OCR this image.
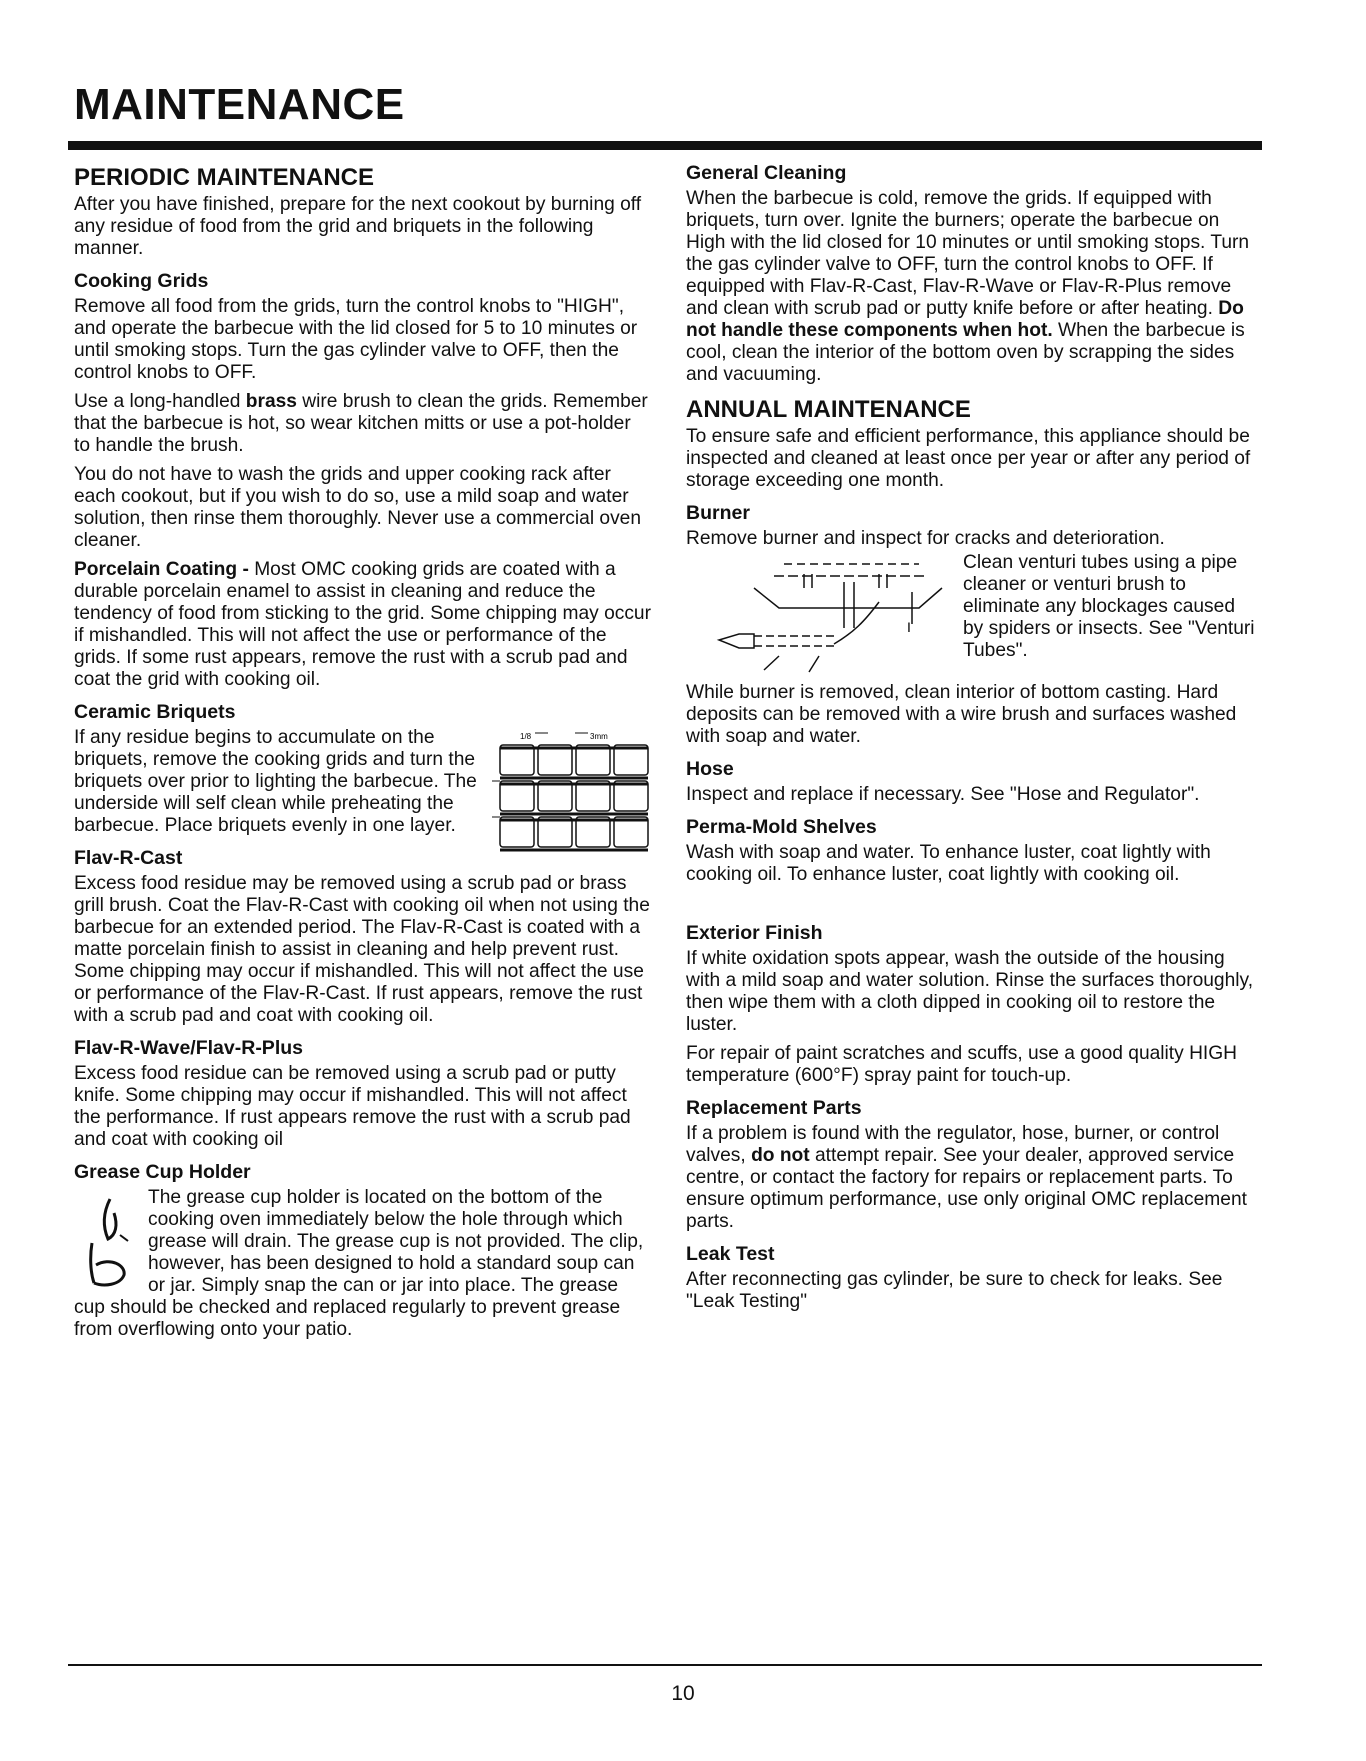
MAINTENANCE
PERIODIC MAINTENANCE

After you have finished, prepare for the next cookout by burning off any residue of food from the grid and briquets in the following manner.

Cooking Grids

Remove all food from the grids, turn the control knobs to "HIGH", and operate the barbecue with the lid closed for 5 to 10 minutes or until smoking stops. Turn the gas cylinder valve to OFF, then the control knobs to OFF.

Use a long-handled brass wire brush to clean the grids. Remember that the barbecue is hot, so wear kitchen mitts or use a pot-holder to handle the brush.

You do not have to wash the grids and upper cooking rack after each cookout, but if you wish to do so, use a mild soap and water solution, then rinse them thoroughly. Never use a commercial oven cleaner.

Porcelain Coating - Most OMC cooking grids are coated with a durable porcelain enamel to assist in cleaning and reduce the tendency of food from sticking to the grid. Some chipping may occur if mishandled. This will not affect the use or performance of the grids. If some rust appears, remove the rust with a scrub pad and coat the grid with cooking oil.

Ceramic Briquets
1/8	3mm

If any residue begins to accumulate on the briquets, remove the cooking grids and turn the briquets over prior to lighting the barbecue. The underside will self clean while preheating the barbecue. Place briquets evenly in one layer.

Flav-R-Cast

Excess food residue may be removed using a scrub pad or brass grill brush. Coat the Flav-R-Cast with cooking oil when not using the barbecue for an extended period. The Flav-R-Cast is coated with a matte porcelain finish to assist in cleaning and help prevent rust. Some chipping may occur if mishandled. This will not affect the use or performance of the Flav-R-Cast. If rust appears, remove the rust with a scrub pad and coat with cooking oil.

Flav-R-Wave/Flav-R-Plus

Excess food residue can be removed using a scrub pad or putty knife. Some chipping may occur if mishandled. This will not affect the performance. If rust appears remove the rust with a scrub pad and coat with cooking oil

Grease Cup Holder

The grease cup holder is located on the bottom of the cooking oven immediately below the hole through which grease will drain. The grease cup is not provided. The clip, however, has been designed to hold a standard soup can or jar. Simply snap the can or jar into place. The grease cup should be checked and replaced regularly to prevent grease from overflowing onto your patio.

General Cleaning

When the barbecue is cold, remove the grids. If equipped with briquets, turn over. Ignite the burners; operate the barbecue on High with the lid closed for 10 minutes or until smoking stops. Turn the gas cylinder valve to OFF, turn the control knobs to OFF. If equipped with Flav-R-Cast, Flav-R-Wave or Flav-R-Plus remove and clean with scrub pad or putty knife before or after heating. Do not handle these components when hot. When the barbecue is cool, clean the interior of the bottom oven by scrapping the sides and vacuuming.

ANNUAL MAINTENANCE

To ensure safe and efficient performance, this appliance should be inspected and cleaned at least once per year or after any period of storage exceeding one month.

Burner

Remove burner and inspect for cracks and deterioration.

I

Clean venturi tubes using a pipe cleaner or venturi brush to eliminate any blockages caused by spiders or insects. See "Venturi Tubes".

While burner is removed, clean interior of bottom casting. Hard deposits can be removed with a wire brush and surfaces washed with soap and water.

Hose

Inspect and replace if necessary. See "Hose and Regulator".

Perma-Mold Shelves

Wash with soap and water. To enhance luster, coat lightly with cooking oil. To enhance luster, coat lightly with cooking oil.

Exterior Finish

If white oxidation spots appear, wash the outside of the housing with a mild soap and water solution. Rinse the surfaces thoroughly, then wipe them with a cloth dipped in cooking oil to restore the luster.

For repair of paint scratches and scuffs, use a good quality HIGH temperature (600°F) spray paint for touch-up.

Replacement Parts

If a problem is found with the regulator, hose, burner, or control valves, do not attempt repair. See your dealer, approved service centre, or contact the factory for repairs or replacement parts. To ensure optimum performance, use only original OMC replacement parts.

Leak Test

After reconnecting gas cylinder, be sure to check for leaks. See "Leak Testing"

10
